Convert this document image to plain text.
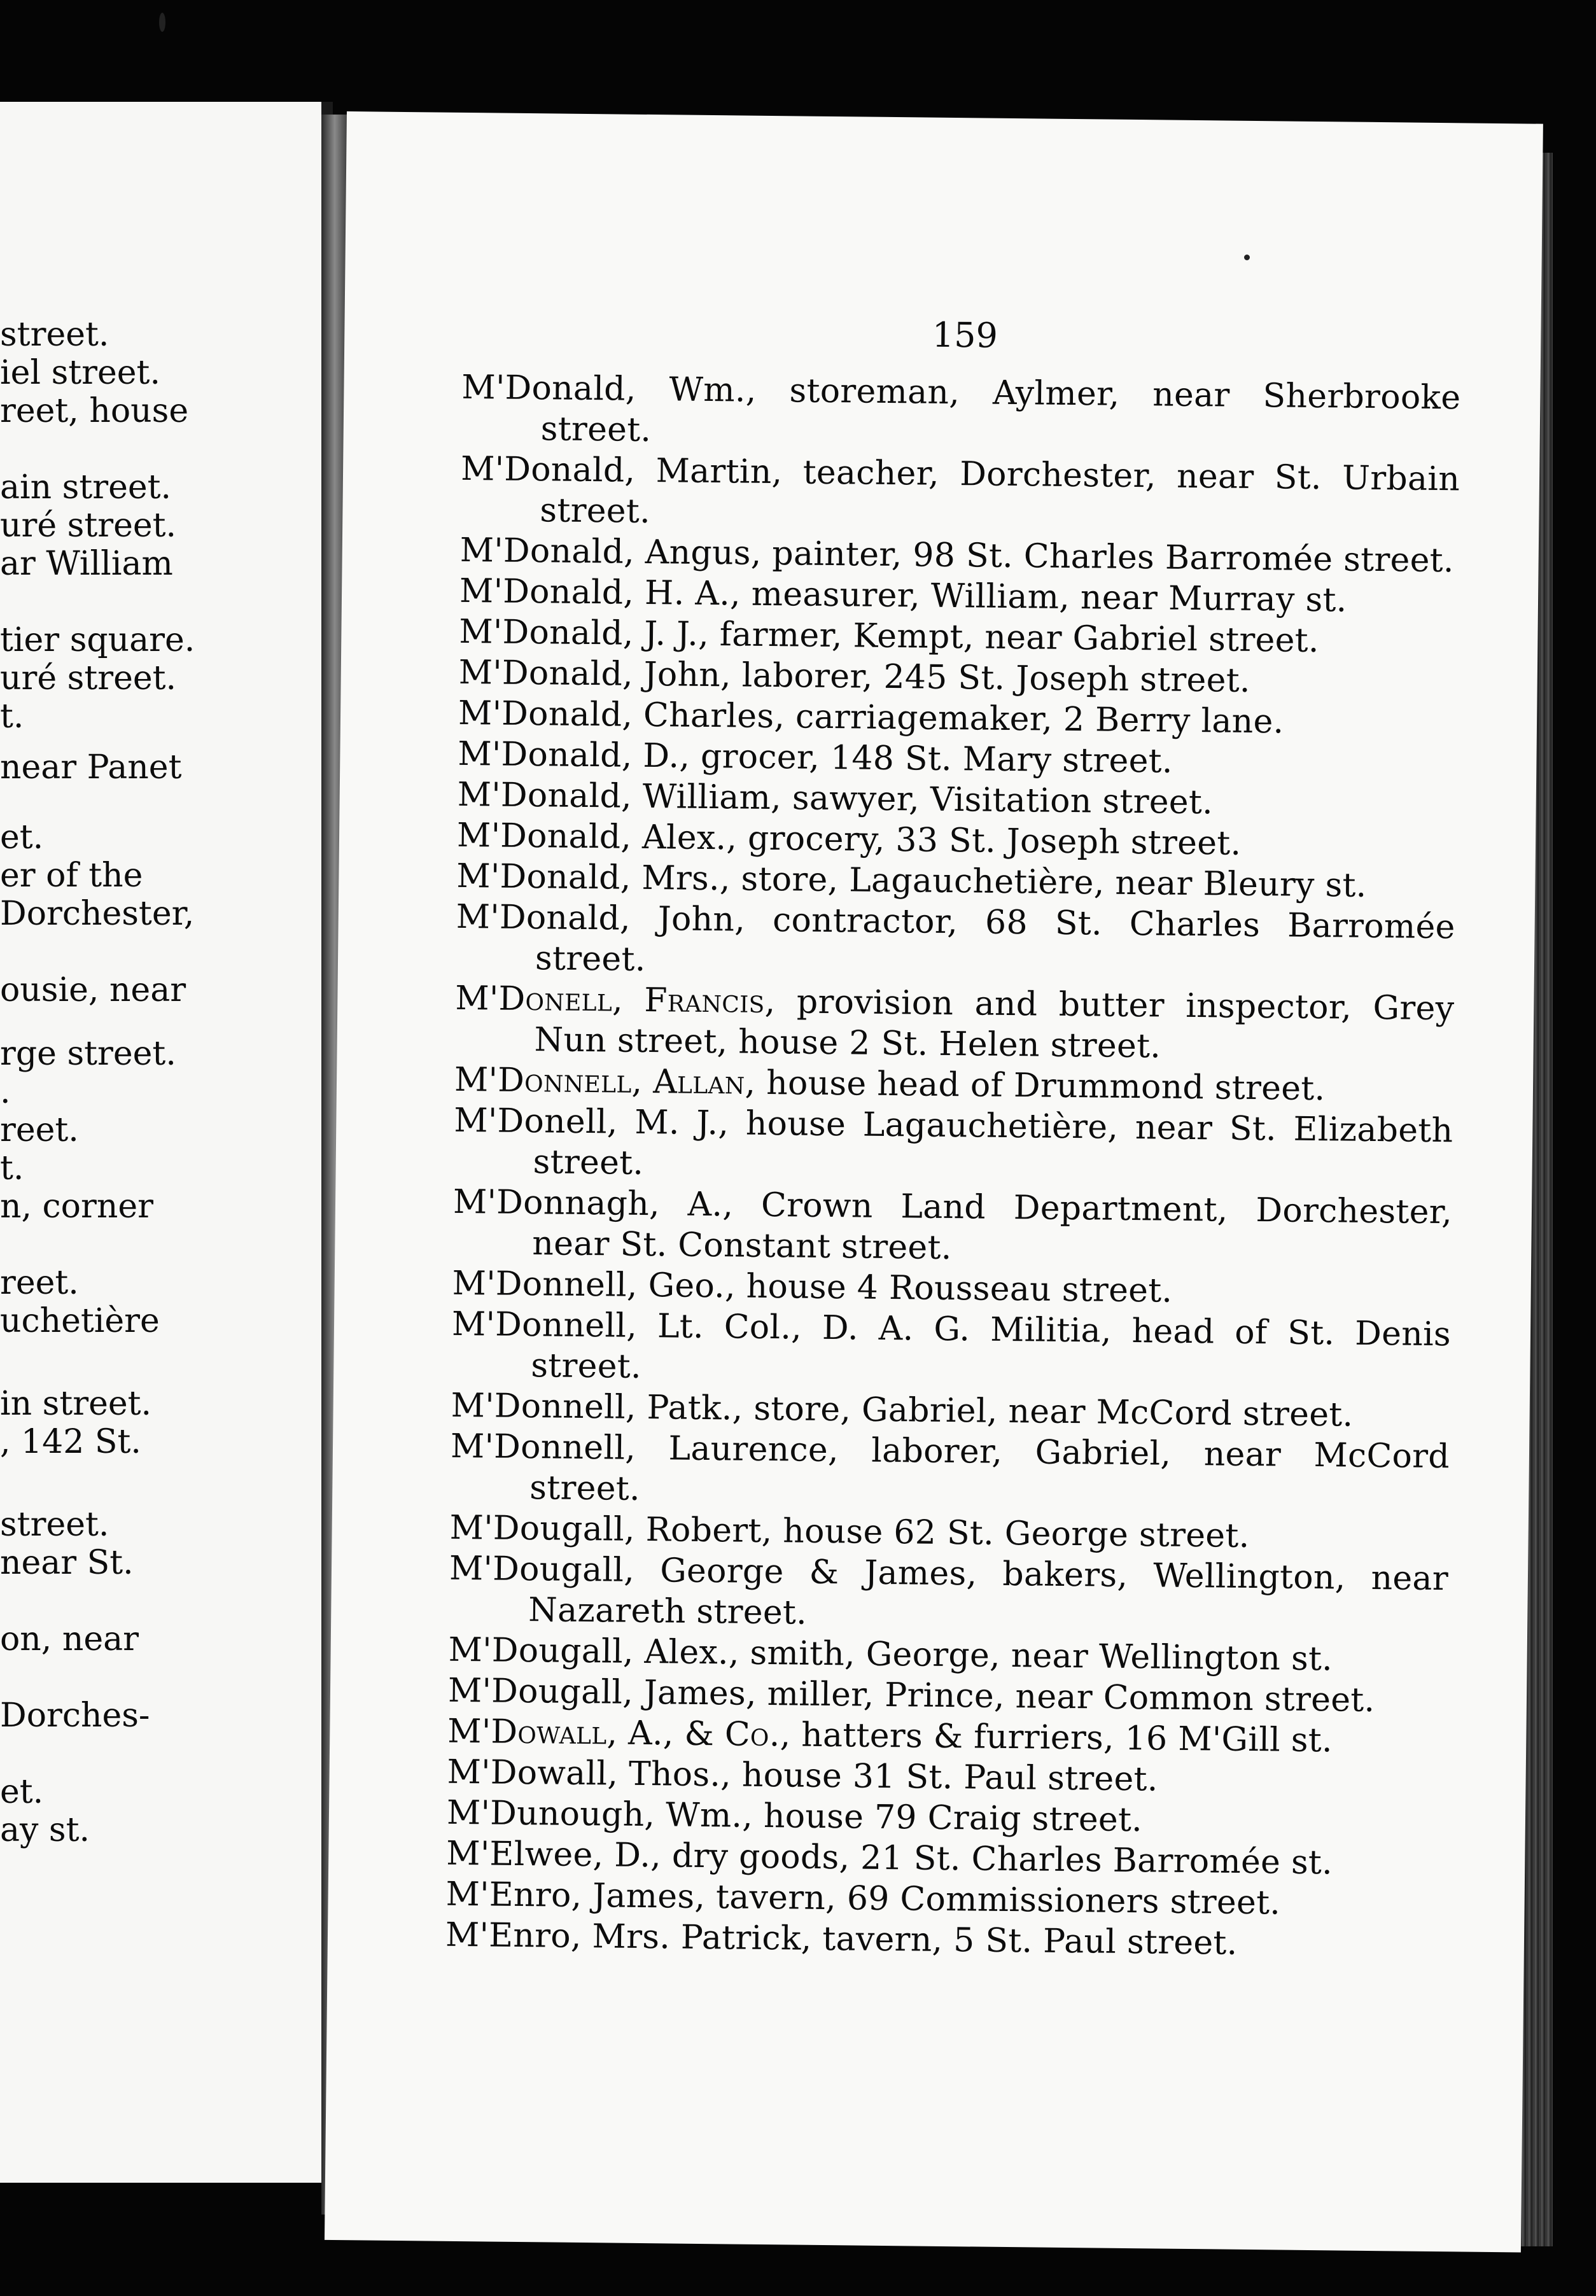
street.
iel street.
reet, house
ain street.
uré street.
ar William
tier square.
uré street.
t.
near Panet
et.
er of the
Dorchester,
ousie, near
rge street.
.
reet.
t.
n, corner
reet.
uchetière
in street.
, 142 St.
street.
near St.
on, near
Dorches-
et.
ay st.
159
M'Donald, Wm., storeman, Aylmer, near Sherbrooke street.
M'Donald, Martin, teacher, Dorchester, near St. Urbain street.
M'Donald, Angus, painter, 98 St. Charles Barromée street.
M'Donald, H. A., measurer, William, near Murray st.
M'Donald, J. J., farmer, Kempt, near Gabriel street.
M'Donald, John, laborer, 245 St. Joseph street.
M'Donald, Charles, carriagemaker, 2 Berry lane.
M'Donald, D., grocer, 148 St. Mary street.
M'Donald, William, sawyer, Visitation street.
M'Donald, Alex., grocery, 33 St. Joseph street.
M'Donald, Mrs., store, Lagauchetière, near Bleury st.
M'Donald, John, contractor, 68 St. Charles Barromée street.
M'Donell, Francis, provision and butter inspector, Grey Nun street, house 2 St. Helen street.
M'Donnell, Allan, house head of Drummond street.
M'Donell, M. J., house Lagauchetière, near St. Elizabeth street.
M'Donnagh, A., Crown Land Department, Dorchester, near St. Constant street.
M'Donnell, Geo., house 4 Rousseau street.
M'Donnell, Lt. Col., D. A. G. Militia, head of St. Denis street.
M'Donnell, Patk., store, Gabriel, near McCord street.
M'Donnell, Laurence, laborer, Gabriel, near McCord street.
M'Dougall, Robert, house 62 St. George street.
M'Dougall, George & James, bakers, Wellington, near Nazareth street.
M'Dougall, Alex., smith, George, near Wellington st.
M'Dougall, James, miller, Prince, near Common street.
M'Dowall, A., & Co., hatters & furriers, 16 M'Gill st.
M'Dowall, Thos., house 31 St. Paul street.
M'Dunough, Wm., house 79 Craig street.
M'Elwee, D., dry goods, 21 St. Charles Barromée st.
M'Enro, James, tavern, 69 Commissioners street.
M'Enro, Mrs. Patrick, tavern, 5 St. Paul street.
